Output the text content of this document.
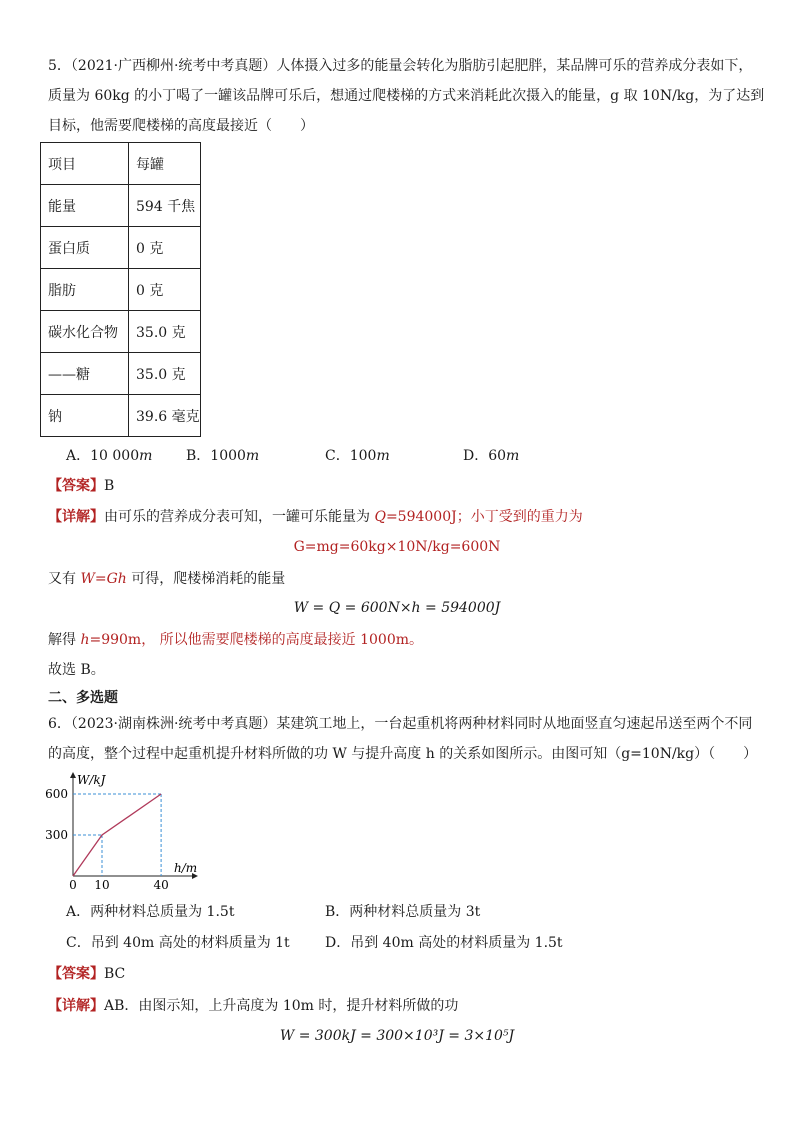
5．（2021·广西柳州·统考中考真题）人体摄入过多的能量会转化为脂肪引起肥胖，某品牌可乐的营养成分表如下，
质量为 60kg 的小丁喝了一罐该品牌可乐后，想通过爬楼梯的方式来消耗此次摄入的能量，g 取 10N/kg，为了达到
目标，他需要爬楼梯的高度最接近（　　）
项目	每罐
能量	594 千焦
蛋白质	0 克
脂肪	0 克
碳水化合物	35.0 克
——糖	35.0 克
钠	39.6 毫克
A．10 000m B．1000m	C．100m	D．60m
【答案】B
【详解】由可乐的营养成分表可知，一罐可乐能量为 Q=594000J；小丁受到的重力为
G=mg=60kg×10N/kg=600N
又有 W=Gh 可得，爬楼梯消耗的能量
W = Q = 600N×h = 594000J
解得 h=990m， 所以他需要爬楼梯的高度最接近 1000m。
故选 B。
二、多选题
6．（2023·湖南株洲·统考中考真题）某建筑工地上，一台起重机将两种材料同时从地面竖直匀速起吊送至两个不同
的高度，整个过程中起重机提升材料所做的功 W 与提升高度 h 的关系如图所示。由图可知（g=10N/kg）（　　）
W/kJ
h/m
600
300
0 10	40
A．两种材料总质量为 1.5t	B．两种材料总质量为 3t
C．吊到 40m 高处的材料质量为 1t	D．吊到 40m 高处的材料质量为 1.5t
【答案】BC
【详解】AB．由图示知，上升高度为 10m 时，提升材料所做的功
W = 300kJ = 300×10³J = 3×10⁵J
